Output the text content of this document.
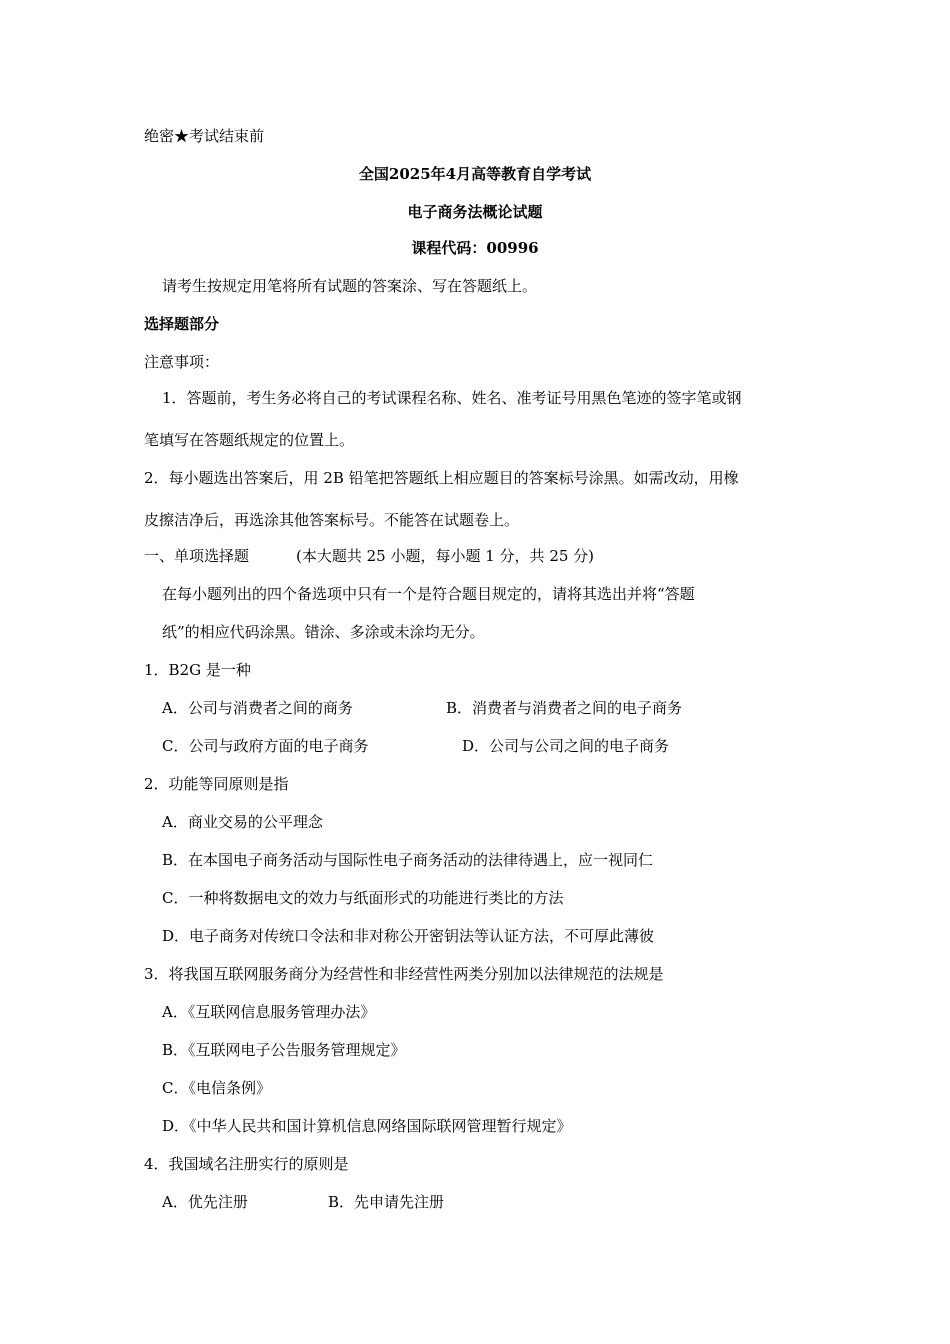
绝密★考试结束前
全国2025年4月高等教育自学考试
电子商务法概论试题
课程代码：00996
请考生按规定用笔将所有试题的答案涂、写在答题纸上。
选择题部分
注意事项：
1．答题前，考生务必将自己的考试课程名称、姓名、准考证号用黑色笔迹的签字笔或钢
笔填写在答题纸规定的位置上。
2．每小题选出答案后，用 2B 铅笔把答题纸上相应题目的答案标号涂黑。如需改动，用橡
皮擦洁净后，再选涂其他答案标号。不能答在试题卷上。
一、单项选择题	(本大题共 25 小题，每小题 1 分，共 25 分)
在每小题列出的四个备选项中只有一个是符合题目规定的，请将其选出并将“答题
纸”的相应代码涂黑。错涂、多涂或未涂均无分。
1．B2G 是一种
A．公司与消费者之间的商务	B．消费者与消费者之间的电子商务
C．公司与政府方面的电子商务	D．公司与公司之间的电子商务
2．功能等同原则是指
A．商业交易的公平理念
B．在本国电子商务活动与国际性电子商务活动的法律待遇上，应一视同仁
C．一种将数据电文的效力与纸面形式的功能进行类比的方法
D．电子商务对传统口令法和非对称公开密钥法等认证方法，不可厚此薄彼
3．将我国互联网服务商分为经营性和非经营性两类分别加以法律规范的法规是
A．《互联网信息服务管理办法》
B．《互联网电子公告服务管理规定》
C．《电信条例》
D．《中华人民共和国计算机信息网络国际联网管理暂行规定》
4．我国域名注册实行的原则是
A．优先注册	B．先申请先注册
